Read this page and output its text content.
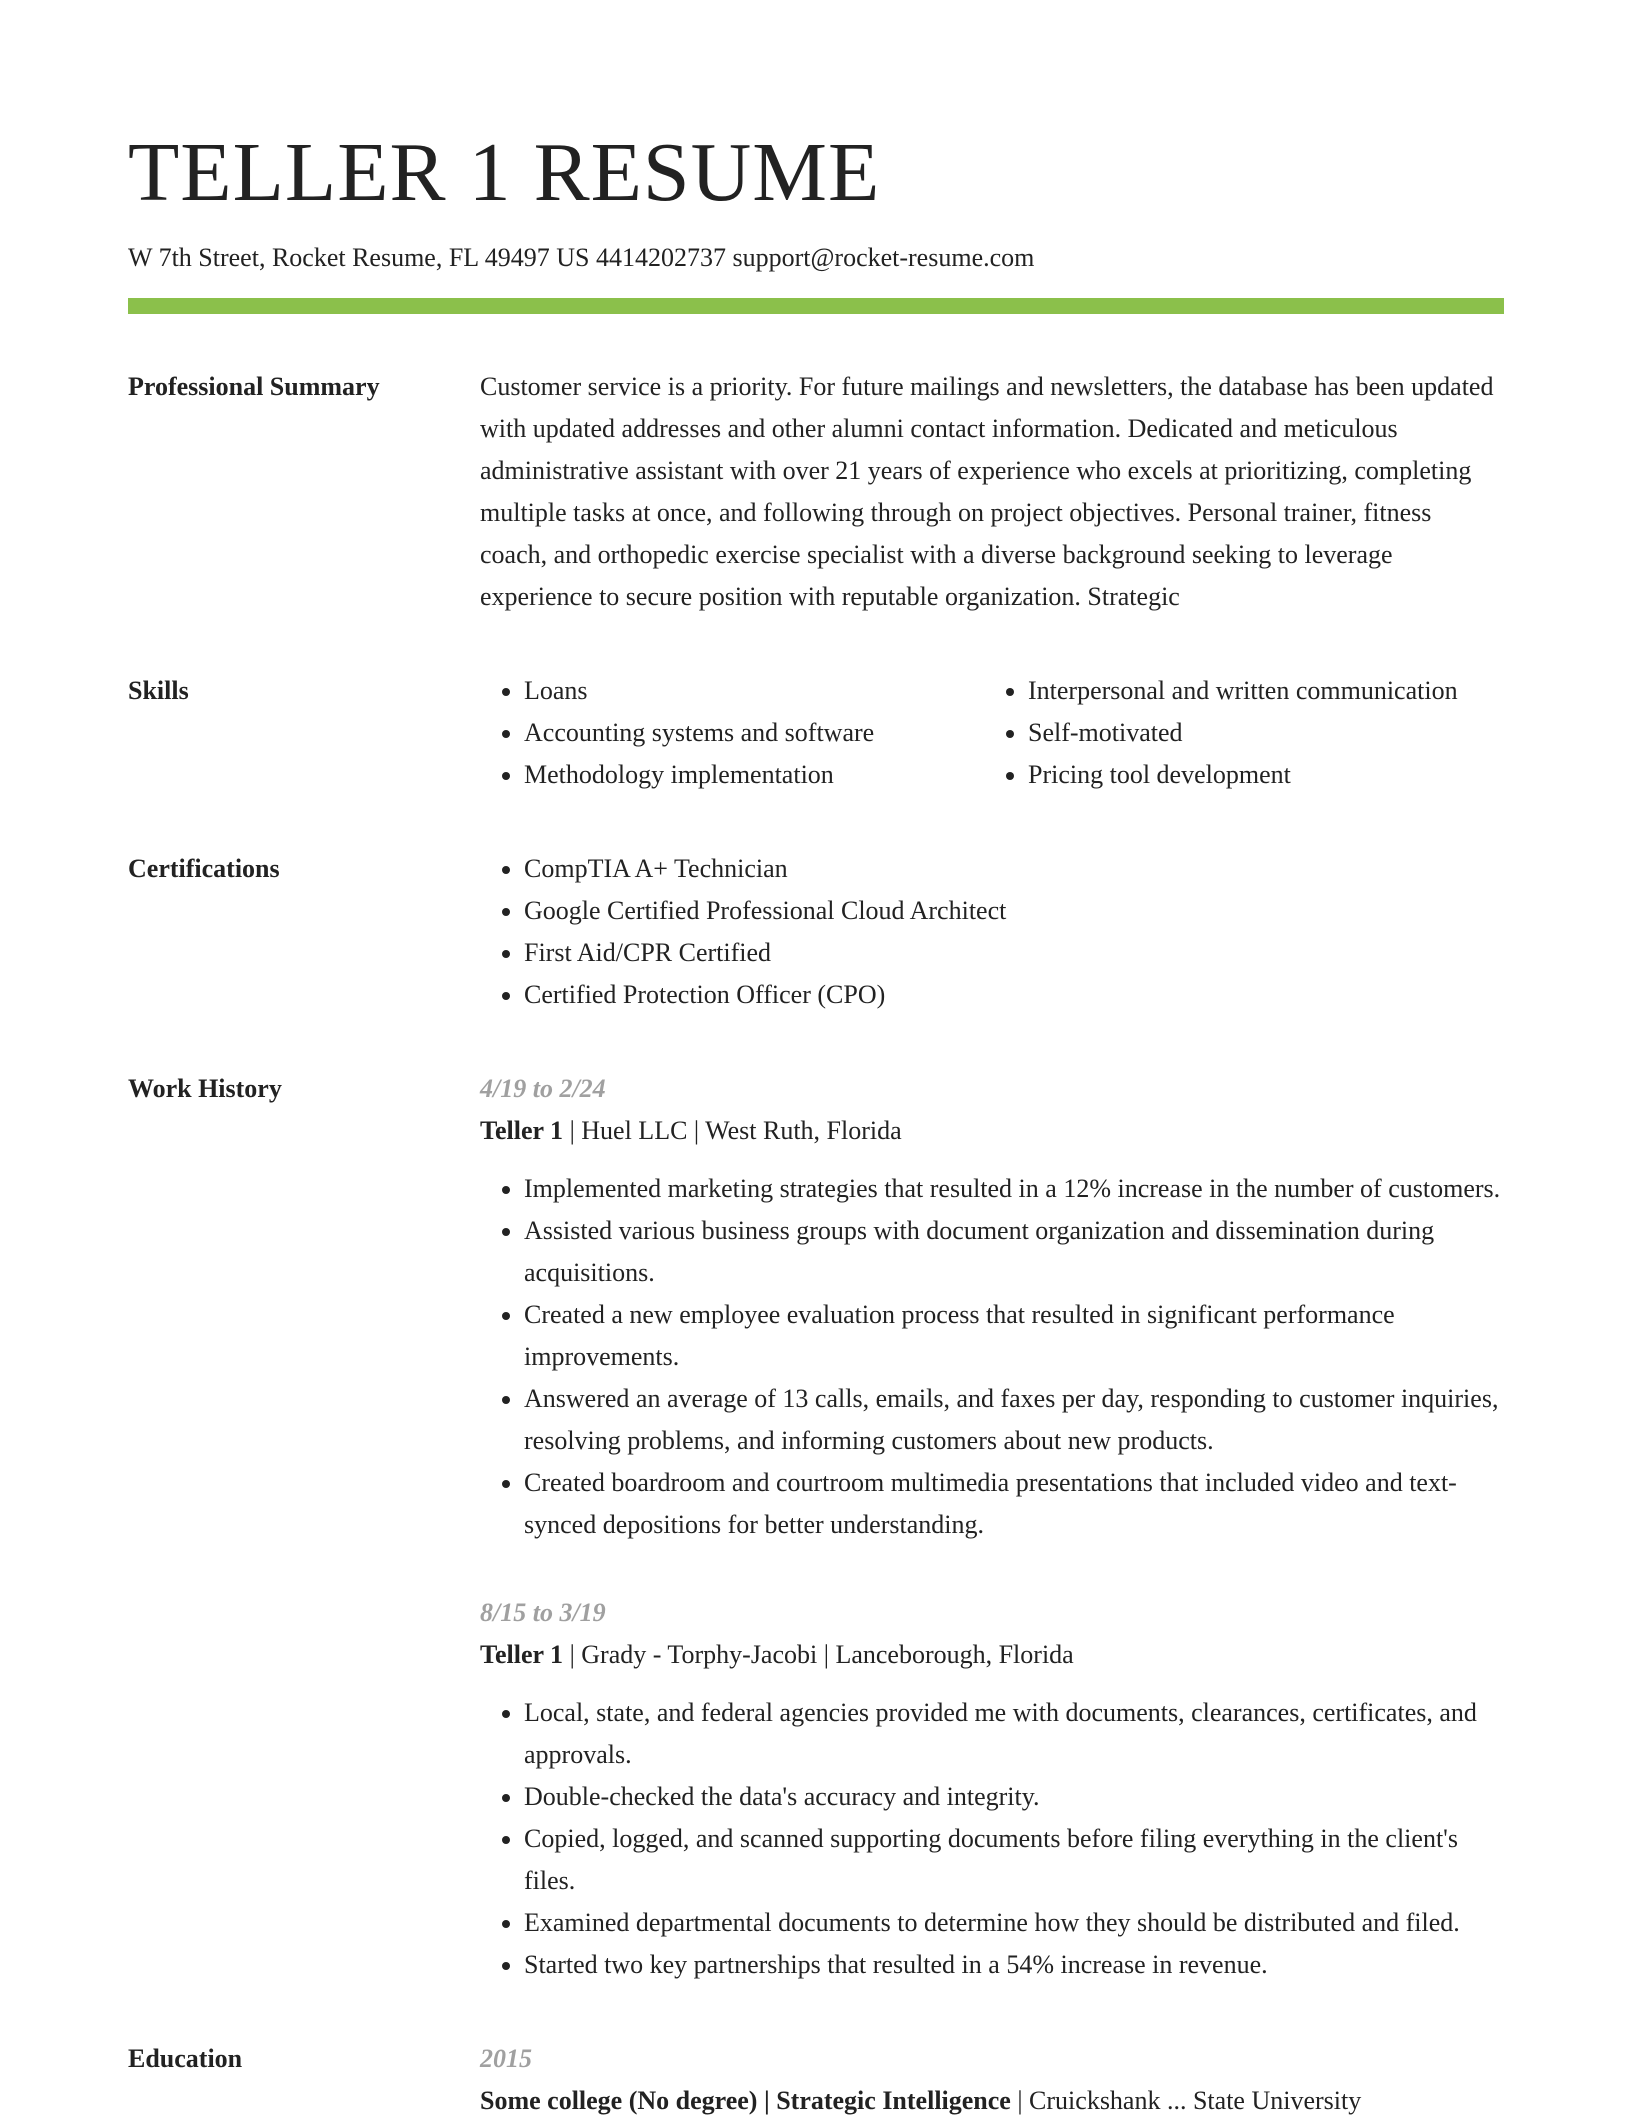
TELLER 1 RESUME
W 7th Street, Rocket Resume, FL 49497 US 4414202737 support@rocket-resume.com
Professional Summary	Customer service is a priority. For future mailings and newsletters, the database has been updated with updated addresses and other alumni contact information. Dedicated and meticulous administrative assistant with over 21 years of experience who excels at prioritizing, completing multiple tasks at once, and following through on project objectives. Personal trainer, fitness coach, and orthopedic exercise specialist with a diverse background seeking to leverage experience to secure position with reputable organization. Strategic

Skills	• Loans
• Accounting systems and software
• Methodology implementation
• Interpersonal and written communication
• Self-motivated
• Pricing tool development
Certifications	• CompTIA A+ Technician
• Google Certified Professional Cloud Architect
• First Aid/CPR Certified
• Certified Protection Officer (CPO)
Work History	4/19 to 2/24
Teller 1 | Huel LLC | West Ruth, Florida
• Implemented marketing strategies that resulted in a 12% increase in the number of customers.
• Assisted various business groups with document organization and dissemination during acquisitions.
• Created a new employee evaluation process that resulted in significant performance improvements.
• Answered an average of 13 calls, emails, and faxes per day, responding to customer inquiries, resolving problems, and informing customers about new products.
• Created boardroom and courtroom multimedia presentations that included video and text-synced depositions for better understanding.
8/15 to 3/19
Teller 1 | Grady - Torphy-Jacobi | Lanceborough, Florida
• Local, state, and federal agencies provided me with documents, clearances, certificates, and approvals.
• Double-checked the data's accuracy and integrity.
• Copied, logged, and scanned supporting documents before filing everything in the client's files.
• Examined departmental documents to determine how they should be distributed and filed.
• Started two key partnerships that resulted in a 54% increase in revenue.
Education	2015
Some college (No degree) | Strategic Intelligence | Cruickshank ... State University
